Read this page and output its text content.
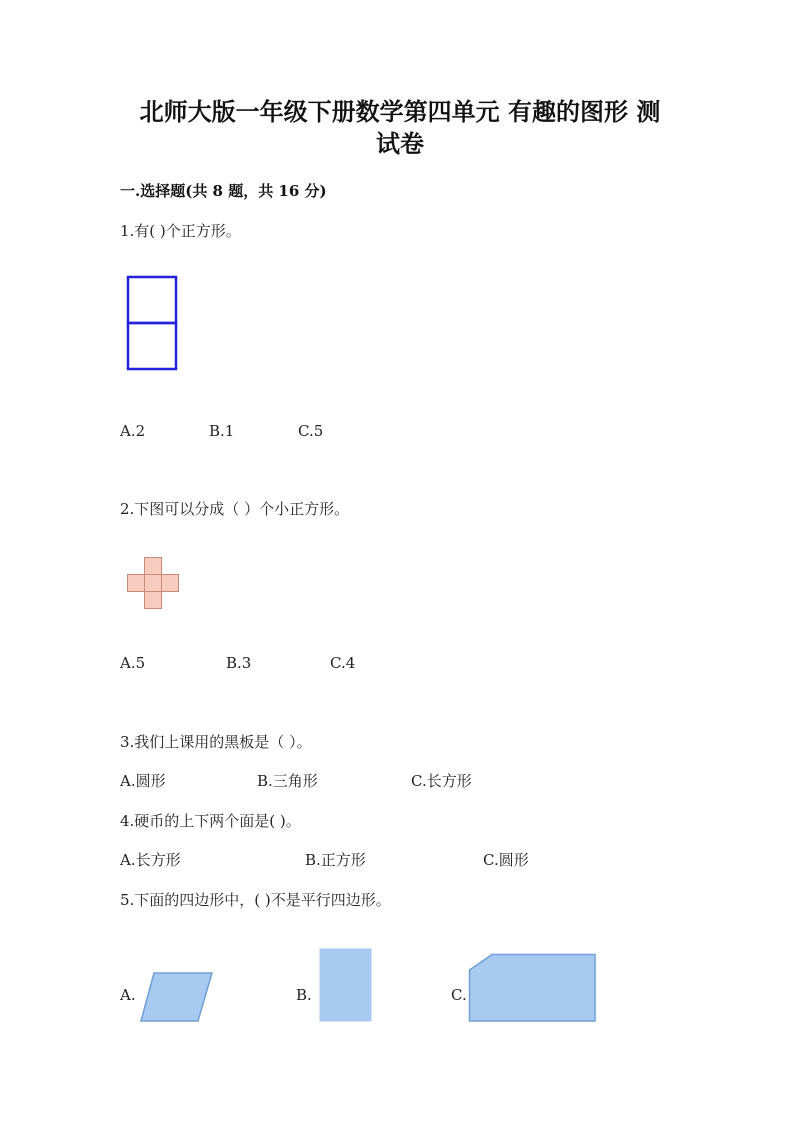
北师大版一年级下册数学第四单元 有趣的图形 测
试卷
一.选择题(共 8 题，共 16 分)
1.有( )个正方形。
A.2	B.1	C.5
2.下图可以分成（ ）个小正方形。
A.5	B.3	C.4
3.我们上课用的黑板是（ ）。
A.圆形	B.三角形	C.长方形
4.硬币的上下两个面是( )。
A.长方形	B.正方形	C.圆形
5.下面的四边形中，( )不是平行四边形。
A.	B.	C.
